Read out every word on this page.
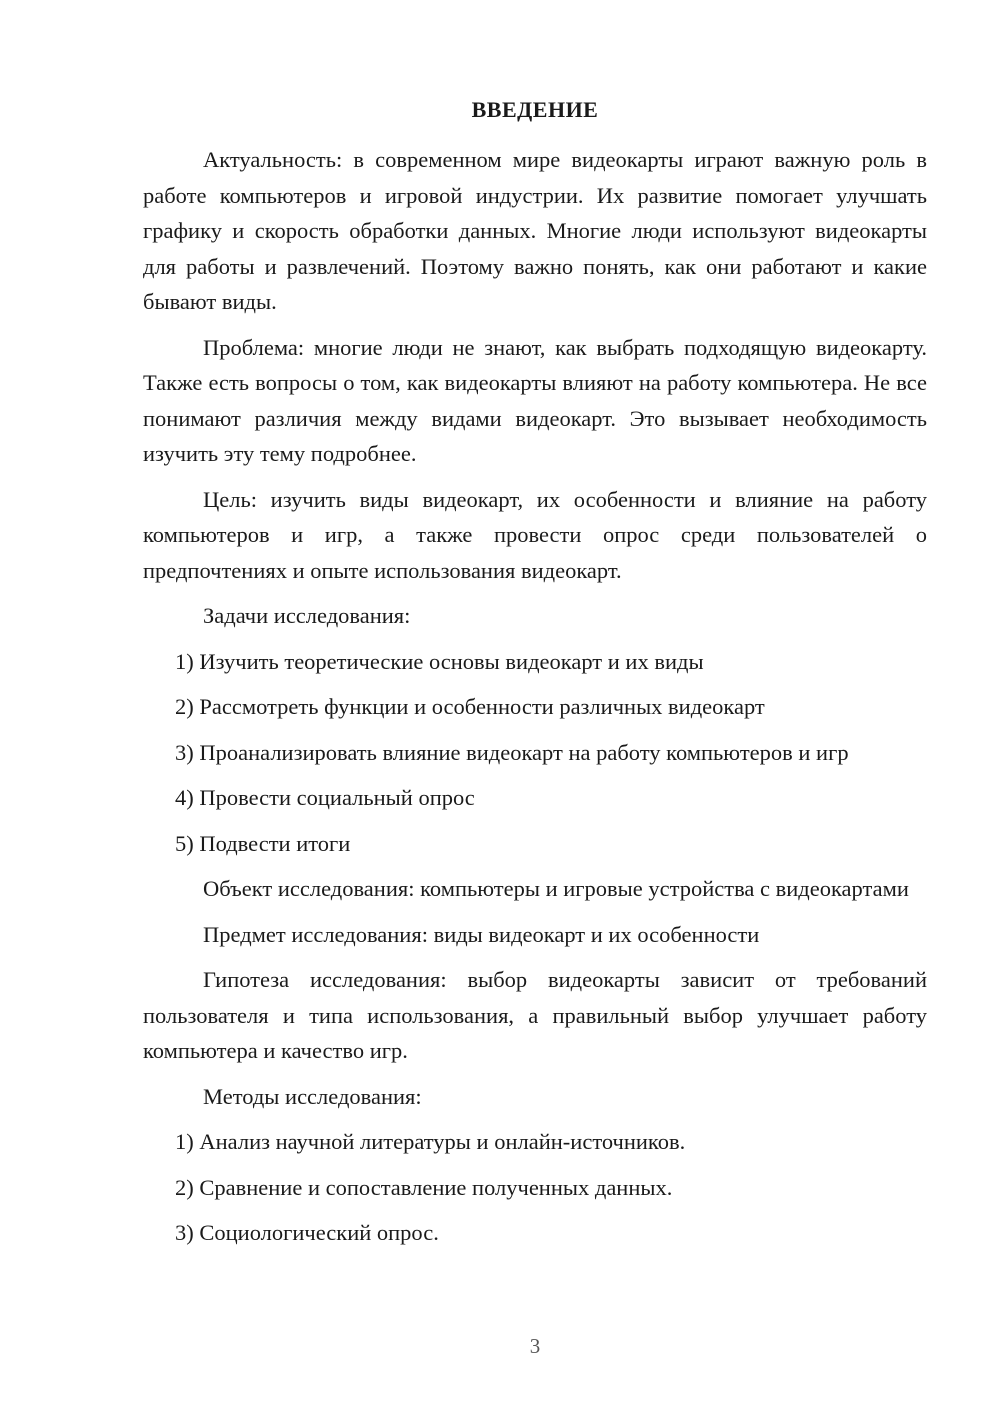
ВВЕДЕНИЕ

Актуальность: в современном мире видеокарты играют важную роль в работе компьютеров и игровой индустрии. Их развитие помогает улучшать графику и скорость обработки данных. Многие люди используют видеокарты для работы и развлечений. Поэтому важно понять, как они работают и какие бывают виды.

Проблема: многие люди не знают, как выбрать подходящую видеокарту. Также есть вопросы о том, как видеокарты влияют на работу компьютера. Не все понимают различия между видами видеокарт. Это вызывает необходимость изучить эту тему подробнее.

Цель: изучить виды видеокарт, их особенности и влияние на работу компьютеров и игр, а также провести опрос среди пользователей о предпочтениях и опыте использования видеокарт.

Задачи исследования:

1) Изучить теоретические основы видеокарт и их виды

2) Рассмотреть функции и особенности различных видеокарт

3) Проанализировать влияние видеокарт на работу компьютеров и игр

4) Провести социальный опрос

5) Подвести итоги

Объект исследования: компьютеры и игровые устройства с видеокартами

Предмет исследования: виды видеокарт и их особенности

Гипотеза исследования: выбор видеокарты зависит от требований пользователя и типа использования, а правильный выбор улучшает работу компьютера и качество игр.

Методы исследования:

1) Анализ научной литературы и онлайн-источников.

2) Сравнение и сопоставление полученных данных.

3) Социологический опрос.

3
